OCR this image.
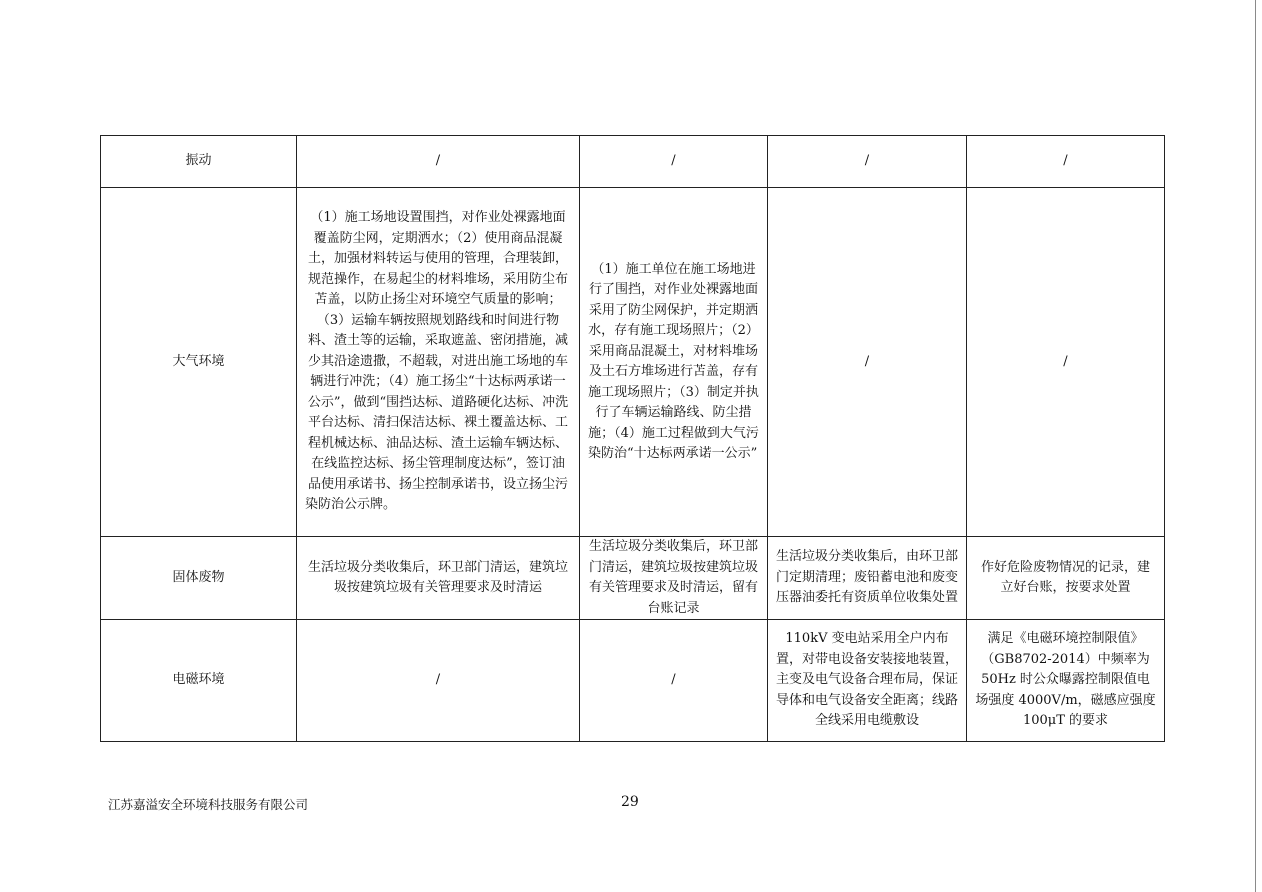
振动	/	/	/	/
大气环境	（1）施工场地设置围挡，对作业处裸露地面覆盖防尘网，定期洒水；（2）使用商品混凝土，加强材料转运与使用的管理，合理装卸，规范操作，在易起尘的材料堆场，采用防尘布苫盖，以防止扬尘对环境空气质量的影响；（3）运输车辆按照规划路线和时间进行物料、渣土等的运输，采取遮盖、密闭措施，减少其沿途遗撒，不超载，对进出施工场地的车辆进行冲洗；（4）施工扬尘“十达标两承诺一公示”，做到“围挡达标、道路硬化达标、冲洗平台达标、清扫保洁达标、裸土覆盖达标、工程机械达标、油品达标、渣土运输车辆达标、在线监控达标、扬尘管理制度达标”，签订油品使用承诺书、扬尘控制承诺书，设立扬尘污染防治公示牌。	（1）施工单位在施工场地进行了围挡，对作业处裸露地面采用了防尘网保护，并定期洒水，存有施工现场照片；（2）采用商品混凝土，对材料堆场及土石方堆场进行苫盖，存有施工现场照片；（3）制定并执行了车辆运输路线、防尘措施；（4）施工过程做到大气污染防治“十达标两承诺一公示”	/	/
固体废物	生活垃圾分类收集后，环卫部门清运，建筑垃圾按建筑垃圾有关管理要求及时清运	生活垃圾分类收集后，环卫部门清运，建筑垃圾按建筑垃圾有关管理要求及时清运，留有台账记录	生活垃圾分类收集后，由环卫部门定期清理；废铅蓄电池和废变压器油委托有资质单位收集处置	作好危险废物情况的记录，建立好台账，按要求处置
电磁环境	/	/	110kV 变电站采用全户内布置，对带电设备安装接地装置，主变及电气设备合理布局，保证导体和电气设备安全距离；线路全线采用电缆敷设	满足《电磁环境控制限值》（GB8702-2014）中频率为50Hz 时公众曝露控制限值电场强度 4000V/m，磁感应强度 100μT 的要求
江苏嘉溢安全环境科技服务有限公司	29
